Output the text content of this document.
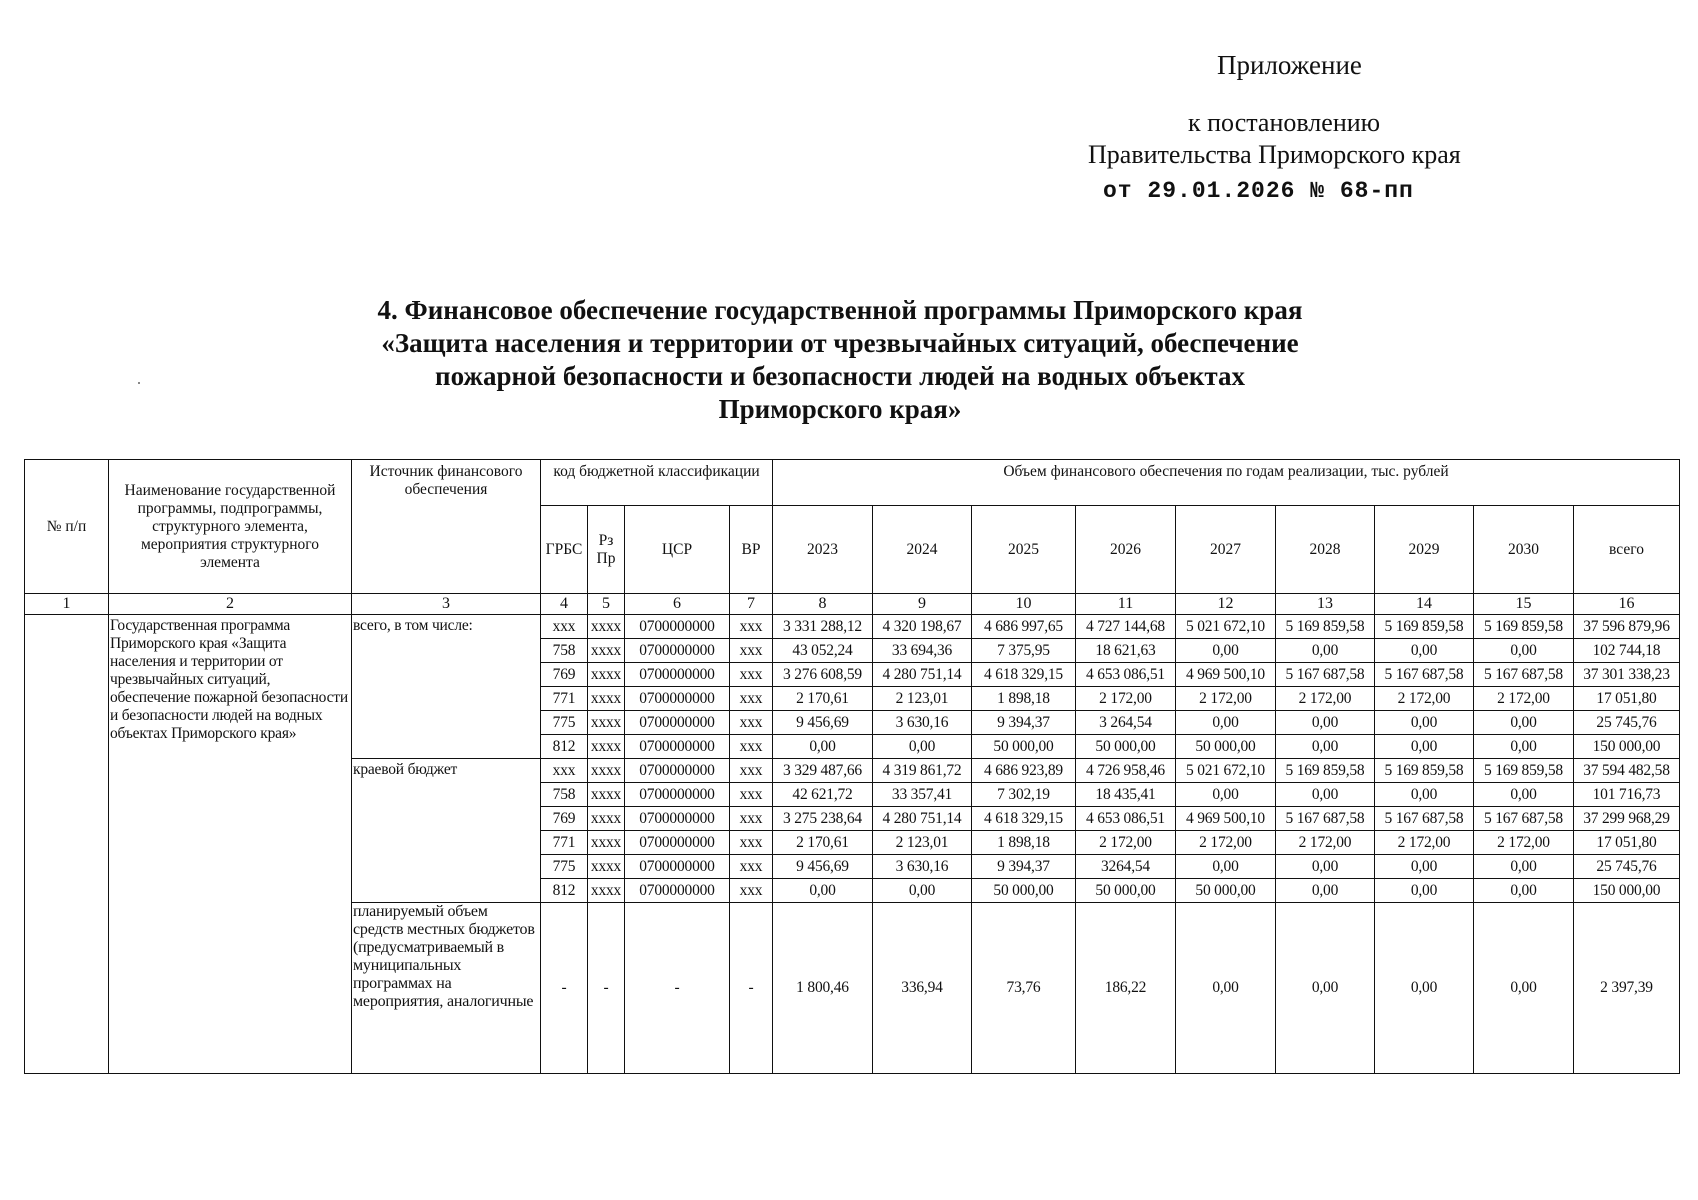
Приложение
к постановлению
Правительства Приморского края
от 29.01.2026 № 68-пп
4. Финансовое обеспечение государственной программы Приморского края
«Защита населения и территории от чрезвычайных ситуаций, обеспечение
пожарной безопасности и безопасности людей на водных объектах
Приморского края»
№ п/п	Наименование государственной программы, подпрограммы, структурного элемента, мероприятия структурного элемента	Источник финансового обеспечения	код бюджетной классификации				Объем финансового обеспечения по годам реализации, тыс. рублей								
			ГРБС	Рз Пр	ЦСР	ВР	2023	2024	2025	2026	2027	2028	2029	2030	всего
1	2	3	4	5	6	7	8	9	10	11	12	13	14	15	16
	Государственная программа Приморского края «Защита населения и территории от чрезвычайных ситуаций, обеспечение пожарной безопасности и безопасности людей на водных объектах Приморского края»	всего, в том числе:	xxx	xxxx	0700000000	xxx	3 331 288,12	4 320 198,67	4 686 997,65	4 727 144,68	5 021 672,10	5 169 859,58	5 169 859,58	5 169 859,58	37 596 879,96
			758	xxxx	0700000000	xxx	43 052,24	33 694,36	7 375,95	18 621,63	0,00	0,00	0,00	0,00	102 744,18
			769	xxxx	0700000000	xxx	3 276 608,59	4 280 751,14	4 618 329,15	4 653 086,51	4 969 500,10	5 167 687,58	5 167 687,58	5 167 687,58	37 301 338,23
			771	xxxx	0700000000	xxx	2 170,61	2 123,01	1 898,18	2 172,00	2 172,00	2 172,00	2 172,00	2 172,00	17 051,80
			775	xxxx	0700000000	xxx	9 456,69	3 630,16	9 394,37	3 264,54	0,00	0,00	0,00	0,00	25 745,76
			812	xxxx	0700000000	xxx	0,00	0,00	50 000,00	50 000,00	50 000,00	0,00	0,00	0,00	150 000,00
		краевой бюджет	xxx	xxxx	0700000000	xxx	3 329 487,66	4 319 861,72	4 686 923,89	4 726 958,46	5 021 672,10	5 169 859,58	5 169 859,58	5 169 859,58	37 594 482,58
			758	xxxx	0700000000	xxx	42 621,72	33 357,41	7 302,19	18 435,41	0,00	0,00	0,00	0,00	101 716,73
			769	xxxx	0700000000	xxx	3 275 238,64	4 280 751,14	4 618 329,15	4 653 086,51	4 969 500,10	5 167 687,58	5 167 687,58	5 167 687,58	37 299 968,29
			771	xxxx	0700000000	xxx	2 170,61	2 123,01	1 898,18	2 172,00	2 172,00	2 172,00	2 172,00	2 172,00	17 051,80
			775	xxxx	0700000000	xxx	9 456,69	3 630,16	9 394,37	3264,54	0,00	0,00	0,00	0,00	25 745,76
			812	xxxx	0700000000	xxx	0,00	0,00	50 000,00	50 000,00	50 000,00	0,00	0,00	0,00	150 000,00
		планируемый объем средств местных бюджетов (предусматриваемый в муниципальных программах на мероприятия, аналогичные	-	-	-	-	1 800,46	336,94	73,76	186,22	0,00	0,00	0,00	0,00	2 397,39
